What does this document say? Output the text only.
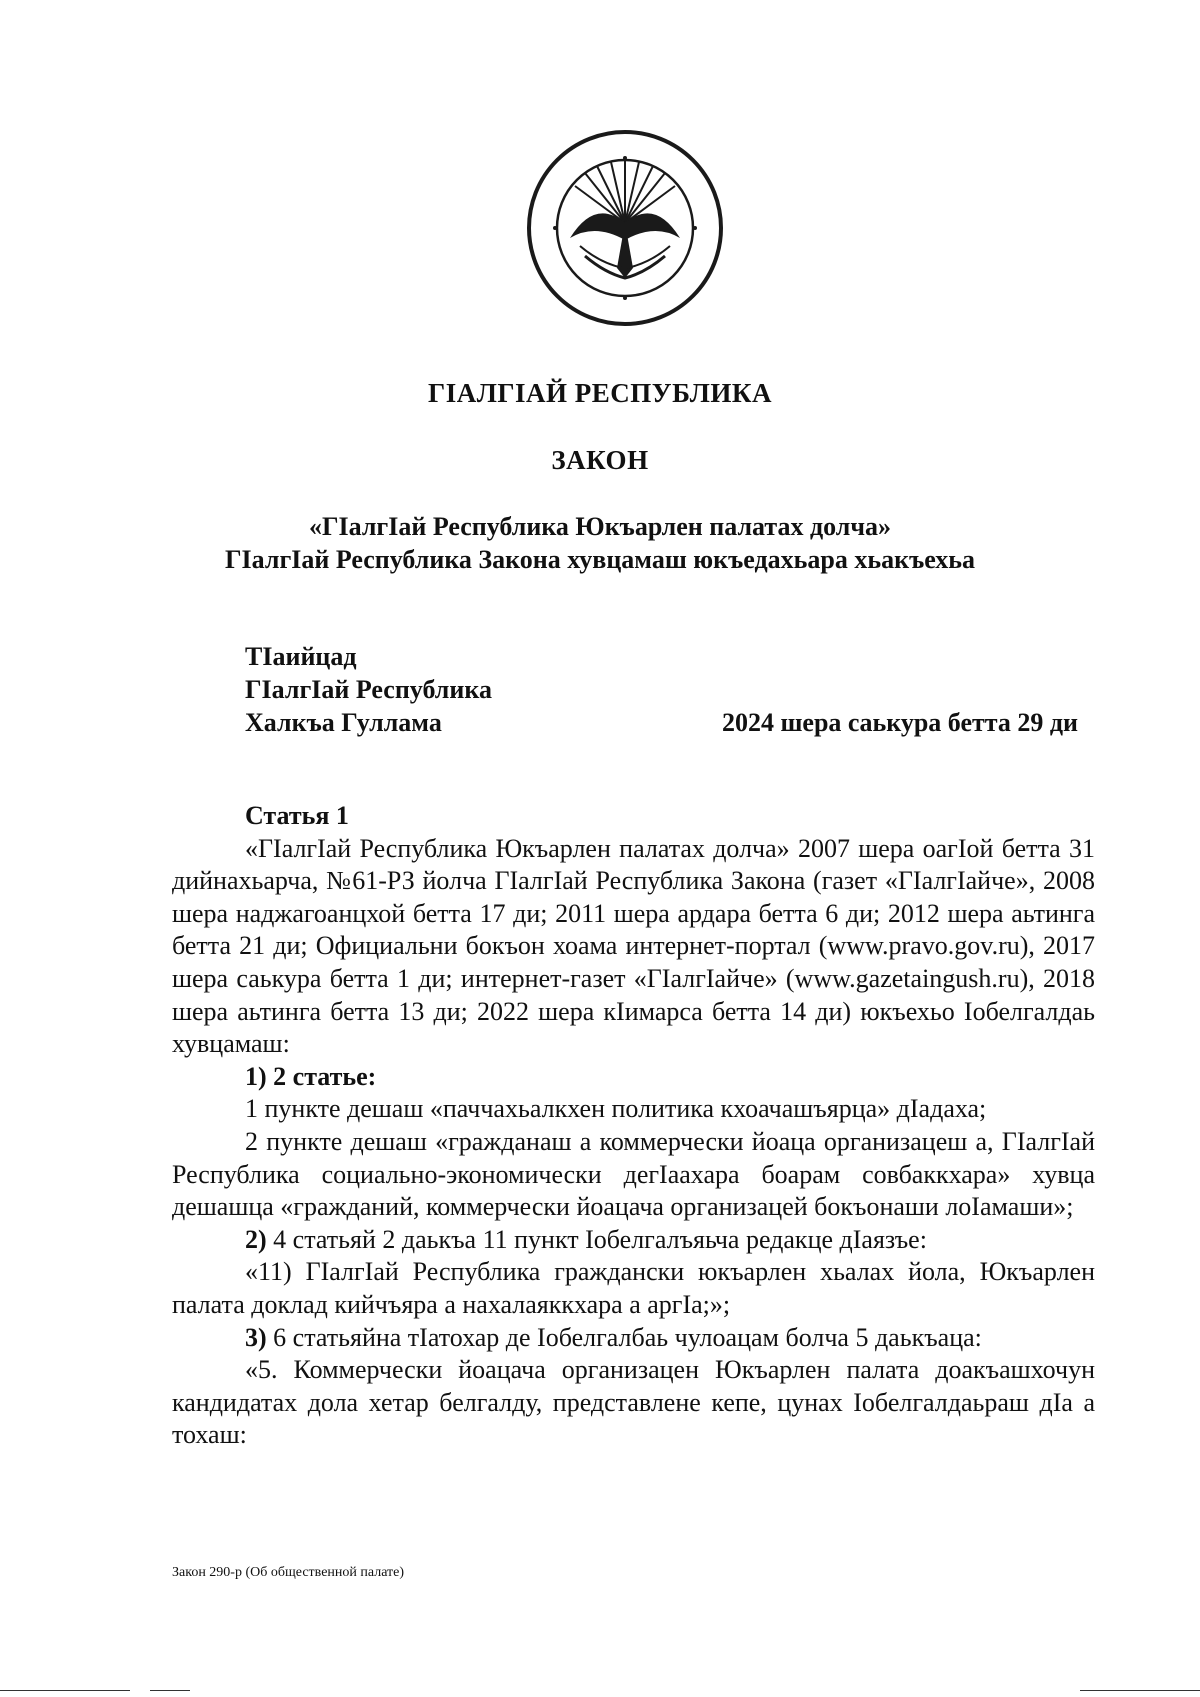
ГIАЛГIАЙ РЕСПУБЛИКА
ЗАКОН
«ГIалгIай Республика Юкъарлен палатах долча»
ГIалгIай Республика Закона хувцамаш юкъедахьара хьакъехьа
ТIаийцад
ГIалгIай Республика
Халкъа Гуллама	2024 шера cаькура бетта 29 ди
Статья 1

«ГIалгIай Республика Юкъарлен палатах долча» 2007 шера оагIой бетта 31 дийнахьарча, №61-РЗ йолча ГIалгIай Республика Закона (газет «ГIалгIайче», 2008 шера наджагоанцхой бетта 17 ди; 2011 шера ардара бетта 6 ди; 2012 шера аьтинга бетта 21 ди; Официальни бокъон хоама интернет-портал (www.pravo.gov.ru), 2017 шера саькура бетта 1 ди; интернет-газет «ГIалгIайче» (www.gazetaingush.ru), 2018 шера аьтинга бетта 13 ди; 2022 шера кIимарса бетта 14 ди) юкъехьо Iобелгалдаь хувцамаш:

1) 2 статье:

1 пункте дешаш «паччахьалкхен политика кхоачашъярца» дIадаха;

2 пункте дешаш «гражданаш а коммерчески йоаца организацеш а, ГIалгIай Республика социально-экономически дегIаахара боарам совбаккхара» хувца дешашца «гражданий, коммерчески йоацача организацей бокъонаши лоIамаши»;

2) 4 статьяй 2 даькъа 11 пункт Iобелгалъяьча редакце дIаязъе:

«11) ГIалгIай Республика граждански юкъарлен хьалах йола, Юкъарлен палата доклад кийчъяра а нахалаяккхара а аргIа;»;

3) 6 статьяйна тIатохар де Iобелгалбаь чулоацам болча 5 даькъаца:

«5. Коммерчески йоацача организацен Юкъарлен палата доакъашхочун кандидатах дола хетар белгалду, представлене кепе, цунах Iобелгалдаьраш дIа а тохаш:

Закон 290-р (Об общественной палате)
